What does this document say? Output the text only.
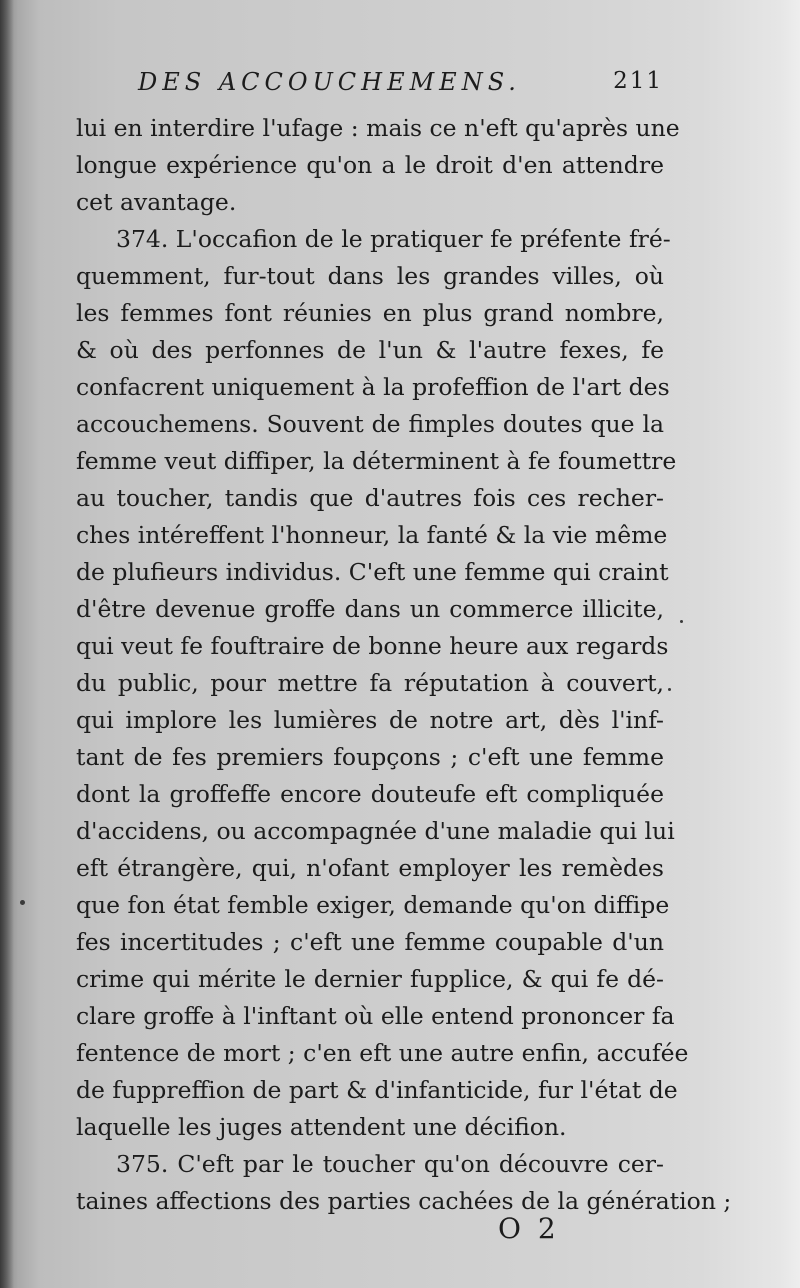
DES ACCOUCHEMENS.	211
lui en interdire l'ufage : mais ce n'eft qu'après une
longue expérience qu'on a le droit d'en attendre
cet avantage.
374. L'occafion de le pratiquer fe préfente fré-
quemment, fur-tout dans les grandes villes, où
les femmes font réunies en plus grand nombre,
& où des perfonnes de l'un & l'autre fexes, fe
confacrent uniquement à la profeffion de l'art des
accouchemens. Souvent de fimples doutes que la
femme veut diffiper, la déterminent à fe foumettre
au toucher, tandis que d'autres fois ces recher-
ches intéreffent l'honneur, la fanté & la vie même
de plufieurs individus. C'eft une femme qui craint
d'être devenue groffe dans un commerce illicite,
qui veut fe fouftraire de bonne heure aux regards
du public, pour mettre fa réputation à couvert,
qui implore les lumières de notre art, dès l'inf-
tant de fes premiers foupçons ; c'eft une femme
dont la groffeffe encore douteufe eft compliquée
d'accidens, ou accompagnée d'une maladie qui lui
eft étrangère, qui, n'ofant employer les remèdes
que fon état femble exiger, demande qu'on diffipe
fes incertitudes ; c'eft une femme coupable d'un
crime qui mérite le dernier fupplice, & qui fe dé-
clare groffe à l'inftant où elle entend prononcer fa
fentence de mort ; c'en eft une autre enfin, accufée
de fuppreffion de part & d'infanticide, fur l'état de
laquelle les juges attendent une décifion.
375. C'eft par le toucher qu'on découvre cer-
taines affections des parties cachées de la génération ;
O 2
